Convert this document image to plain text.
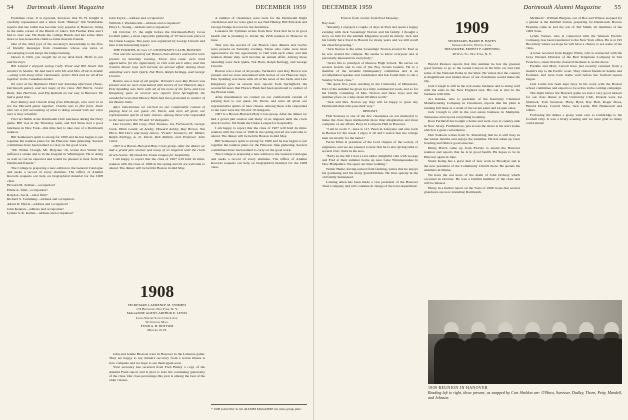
54 Dartmouth Alumni Magazine	DECEMBER 1959

Freshmen class. It is reported, however, that W. H. Knight is carefully represented and a letter from "Bishop" Jim Washburne reports that the rabbit has become very popular at Hanover, living in the same corner of the Bunch of Jake's Tail Feather Park and I had to start one. He made the college Bunch and has some other more or less honorable claim-to-fame than his friends.

One of the chief joys of the secretary's stewardship is the flow of friendly messages from classmates whose one news or encouraging words keeps the lamps burning.

Dawes it, Dick, you caught me at my desk back. Hello to you and the boys.

Bill Leland I enjoyed seeing Cally Prout and Bill Smart this summer in Seattle. We had lunch with Mr. and Mrs. Pratt in Seattle—along with many other classmates, Lester Dick and we all drive together to the Canadian border.

We were at the Baltimore Hotel last Saturday afternoon (Navy-Dartmouth game), and met many of the class. Bill Harris, Grant Bush, Tom Harrison, and Pip Rylands on our way to Hanover. We had a good time.

Earl Rainey and Charlie King from Pittsburgh, who were in to see the Harvard game together. Charlie was in fine form. Dave also ran a full accounting of what is doing around with our class over a busy schedule.

I'm Carl Smith at the Dartmouth Club luncheon during the Navy game. Bill was in the Thursday team, and Ted Shaw had a good luncheon in New York—this time had to take care of a Dartmouth reunion.

Bill Senhouse's spirit is strong for 1960 and he has begun to put together the reunion plans for the Hanover June gathering. Several committees have been named to carry on the good work.

"Mr. Walter Clough, Mt. Holyoke '16, writes that Walter has suffered a stroke and is in the hospital in Wilmington. He is doing as well as can be expected and would be pleased to hear from his Dartmouth friends."

The College is preparing a new edition to the General Catalogue and seeks a record of every alumnus. The Office of Alumni Records requests our help on biographical material for the 1908 class.

Howard M. Zellner—occupation?

Emile A. Sillé—occupation?

Ralph A. Saval—what firm?

Richard S. Cumming—address and occupation.

Albert R. Harris—address and occupation?

John Kennan—address and occupation?

Lyman S. K. Kellen—address and occupation?

John Taylor—address and occupation?

William J. Waddsworth—address and occupation?

Harry L. Young—address and occupation?

On October 17, the night before the Dartmouth-Holy Cross football game, a most enjoyable gathering of '07 men took place at the Union League. The party was organized by George Lincoln and here is his interesting report:

THE FOURTH, October 17, UNIVERSITY CLUB, BOSTON

This was the second of our Boston class dinners and twelve were present on Saturday evening. Those who came were most appreciative for the opportunity to visit with each other, and this reunion dinner may well become an annual affair. Among those attending were Jack Quirk, Nat Horn, Ralph Kellogg, and George Lincoln.

Boston was a host of all people. Vermont's own Ray Brown was present and we were entertained with stories of our Hanover days. Pete Spalding was there with all of his news of the farm, and Lew Kingsbury gave us several new reports from Springfield, the wonderful news that Horace Bush had been promoted to cashier of the Boston bank.

After intermission we carried on our comfortable custom of playing host to our guest, Dr. Davis, and were all given our representative spirits of later classes. Among those who responded to the toast were the '09 and '10 delegates.

Doe Lincoln, Bill Gray, Dick Thomas, Joe Farnsworth, George Cook, Hank Gould, Al Ackley, Howard Ashley, Ray Brown, Nat Horn, Bill Dorr, and many others. "Frank" Sommers, Dr. Walker, Ralph Kellogg, A. D. Davis, Rob Rabkin, and Professor John Clark.

1907 is a Brown-Harvard-Holy Cross group. After the dinner we had a grand jam session and many of us lingered until the clock struck twelve. We thank the Union League for hospitality.

I am happy to report that the class of 1907 will hold its mini-reunion with the class of 1906 in the spring and all are welcome to attend. The dinner will be held in Boston in mid May.

1908
SECRETARY, LAURENCE M. SYMMES
174 Brookline, New York, N. Y.
MAGAZINE AGENT, ARTHUR E. LEWIS
Lewis-Shepard Sales Corporation,
Watertown, Mass.
FUND A. H. BOTTOM
Milford, N. H.

John and Jennie Blosson were in Hanover in the Lebanon game. They are happy to say Jennie's recovery from a recent illness is now complete and we hope to see them again soon.

Your secretary has received from Fred Bailey a copy of the Alumni Fund report and is glad to note the continuing generosity of the class. Our class percentage this year is among the best of the older classes.

A number of classmates were back for the Dartmouth Night celebration and we were glad to see Ned Hanley, Bill Edwards and George Dodge in town for the festivities.

Laurence M. Symmes writes from New York that he is in good health and is planning to attend the 1958 reunion in Hanover in June.

This was the second of our Boston class dinners and twelve were present on Saturday evening. Those who came were most appreciative for the opportunity to visit with each other, and this reunion dinner may well become an annual affair. Among those attending were Jack Quirk, Nat Horn, Ralph Kellogg, and George Lincoln.

Boston was a host of all people. Vermont's own Ray Brown was present and we were entertained with stories of our Hanover days. Pete Spalding was there with all of his news of the farm, and Lew Kingsbury gave us several new reports from Springfield, the wonderful news that Horace Bush had been promoted to cashier of the Boston bank.

After intermission we carried on our comfortable custom of playing host to our guest, Dr. Davis, and were all given our representative spirits of later classes. Among those who responded to the toast were the '09 and '10 delegates.

1907 is a Brown-Harvard-Holy Cross group. After the dinner we had a grand jam session and many of us lingered until the clock struck twelve. We thank the Union League for hospitality.

I am happy to report that the class of 1907 will hold its mini-reunion with the class of 1906 in the spring and all are welcome to attend. The dinner will be held in Boston in mid May.

Bill Senhouse's spirit is strong for 1960 and he has begun to put together the reunion plans for the Hanover June gathering. Several committees have been named to carry on the good work.

The College is preparing a new edition to the General Catalogue and seeks a record of every alumnus. The Office of Alumni Records requests our help on biographical material for the 1908 class.

* 1908 subscriber to the ALUMNI MAGAZINE via class group plan.
DECEMBER 1959	Dartmouth Alumni Magazine 55

Extract from a letter from Fred Moseley:

Bay Aux:

"Recently I enjoyed a couple of days in Paul and spent a happy evening with Jack 'Greenings' Norton and his family. I thought a story on him for the Alumni Magazine would be timely. Jack and his family have lived in Hawaii for many years and we still recall his cheerful greeting."

"Jack Norton is the same 'Greenings' Norton around St. Paul as he was around the campus. He seems to know everyone and is personally interested in everybody."

"Jack's life is principal of Monroe High School. He serves on several boards and is one of the Boy Scouts leaders. He is a member of the Juvenile Delinquency committee and is an accomplished speaker and toastmaster and has found time to run a Sunday School class."

"He spent five years teaching in the University of Minnesota. Part of the summer he gives in a fully commercial work, and so for his family consisting of Mrs. Norton and three boys and the summer place on a lake about 60 miles north."

"Jack and Mrs. Norton say they will be happy to greet any Dartmouth men who pass their way."

DEPOSIT

Fish Sealstey is one of the few classmates on our memorial to make the class more memorable more than imagination and most complete of our affairs. Boys in Lafayette Hall in Hanover.

"I am in room 7—here is 117. Been in Lafayette and also back in Boston for the week. I enjoy it all and I notice that the college men are mostly for the better."

Ferrel Ellen is president of the local chapter of the society of engineers, and we are pleased to hear that he is also giving talks to several civic clubs in his area.

"Early in the fall I had a real rather delightful visit with George and Fred at their summer home up near Lake Winnipesaukee in New Hampshire. We spent our time walking."

Walter Heinz, having retired from farming, writes that he enjoys his gardening and his many grandchildren. He lives quietly in the old family homestead.

Lansing Allen has been made a vice president of the Hanover Trust Company and will continue in charge of the trust department.

1909
SECRETARY, HARRY B. HAYES
Sherman Avenue, Wilton, Conn.
TREASURER, ERNEST F. GREENING
49 Wall St., New York, N. Y.

Harold Pearson reports that this summer he has the greatest good fortune to go to the Grand Canyon in his little car and visit some of the National Parks in the West. He writes that the country is magnificent and wishes more of our classmates would make the trip.

Jack Clough is still in the real estate business and is doing well with his sales in the New England area. His son is also in the business with him.

Art Reinke, who is president of the Kentucky Chemical Manufacturing Company in Cincinnati, reports that his plant is running full blast as a result of the recent paint and lacquer sales.

Jack Clough is still in the real estate business in Memphis, Tennessee and reports everything booming.

Ross Ferinhall has bought a home and went over at country-side in New Jersey. Furthermore, just across the street is his son's home which is a great convenience.

Dan Sanborn writes from St. Petersburg that he is still busy in the winter months and enjoys the sunshine. He has taken up lawn bowling and finds it good exercise.

Henry Hatch came up from Florida to attend the Hanover reunion and reports that he is in good health. He hopes to be in Hanover again in June.

Stuart Kemp has a great deal of new work in Brooklyn and is the new president of the Community Church there. He spends his summers in Maine.

We have the sad news of the death of John Ordway which occurred in October. He was a faithful member of the class and will be missed.

Henry in a further report on the 'Sons of 1909' notes that several grandsons are now attending Dartmouth.

Members". William Burgess, out of Bea and Winsor stopped for a gander at the Kimball Union, preparing for Dartmouth. Horace Hopkins came in and the son of Ted Smith, all members of the 1909 Sons.

Lynde Tucker, who is connected with the Western Electric Company, has been transferred to the New York office. He is at 195 Broadway where we hope he will have a chance to see some of the class.

A letter received from Reggie White, who is connected with the Gray Western Division of the Bell Telephone Company in San Francisco, states that the classical business is on the move.

Freddie and Mary Carroll have just recently returned from a month's trip to the Pacific coast. They visited friends in Seattle and Portland, and were back home well before the football season began.

Jack Leslie has been kept busy in his work with the Boston school committee and expects to be active in the coming campaign.

The night before the Harvard game we had a very good turnout for our class dinner at the University Club. Present were Joe Shattuck, Tom Sweetser, Harry Byrd, Ray Hall, Roger Moss, Harold Moore, Carroll Shaw, Jack Leslie, Bill Hunnewell and others.

Following the dinner a group went over to Cambridge to the football rally. It was a lively evening and we were glad so many could attend.

1909 REUNION IN HANOVER
Reading left to right, those present, as snapped by Curt Sheldon are: O'Hara, Sweetser, Dudley, Thorn, Petty, Mandell, and Johnson.
